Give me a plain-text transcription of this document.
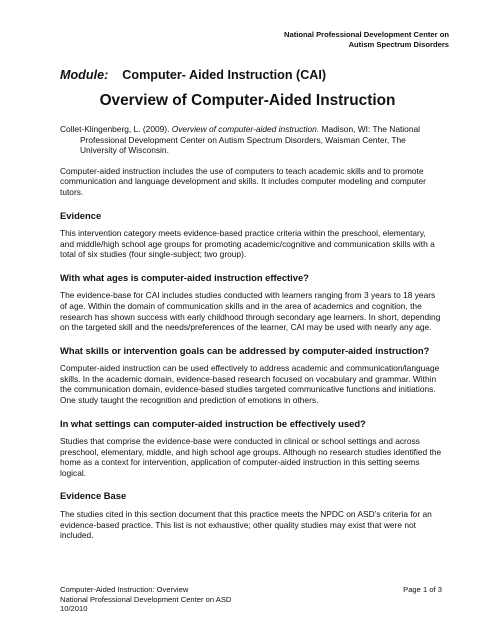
National Professional Development Center on
Autism Spectrum Disorders
Module: Computer- Aided Instruction (CAI)
Overview of Computer-Aided Instruction

Collet-Klingenberg, L. (2009). Overview of computer-aided instruction. Madison, WI: The National Professional Development Center on Autism Spectrum Disorders, Waisman Center, The University of Wisconsin.

Computer-aided instruction includes the use of computers to teach academic skills and to promote communication and language development and skills. It includes computer modeling and computer tutors.

Evidence

This intervention category meets evidence-based practice criteria within the preschool, elementary, and middle/high school age groups for promoting academic/cognitive and communication skills with a total of six studies (four single-subject; two group).

With what ages is computer-aided instruction effective?

The evidence-base for CAI includes studies conducted with learners ranging from 3 years to 18 years of age. Within the domain of communication skills and in the area of academics and cognition, the research has shown success with early childhood through secondary age learners. In short, depending on the targeted skill and the needs/preferences of the learner, CAI may be used with nearly any age.

What skills or intervention goals can be addressed by computer-aided instruction?

Computer-aided instruction can be used effectively to address academic and communication/language skills. In the academic domain, evidence-based research focused on vocabulary and grammar. Within the communication domain, evidence-based studies targeted communicative functions and initiations. One study taught the recognition and prediction of emotions in others.

In what settings can computer-aided instruction be effectively used?

Studies that comprise the evidence-base were conducted in clinical or school settings and across preschool, elementary, middle, and high school age groups. Although no research studies identified the home as a context for intervention, application of computer-aided instruction in this setting seems logical.

Evidence Base

The studies cited in this section document that this practice meets the NPDC on ASD’s criteria for an evidence-based practice. This list is not exhaustive; other quality studies may exist that were not included.

Computer-Aided Instruction: Overview
National Professional Development Center on ASD
10/2010
Page 1 of 3
